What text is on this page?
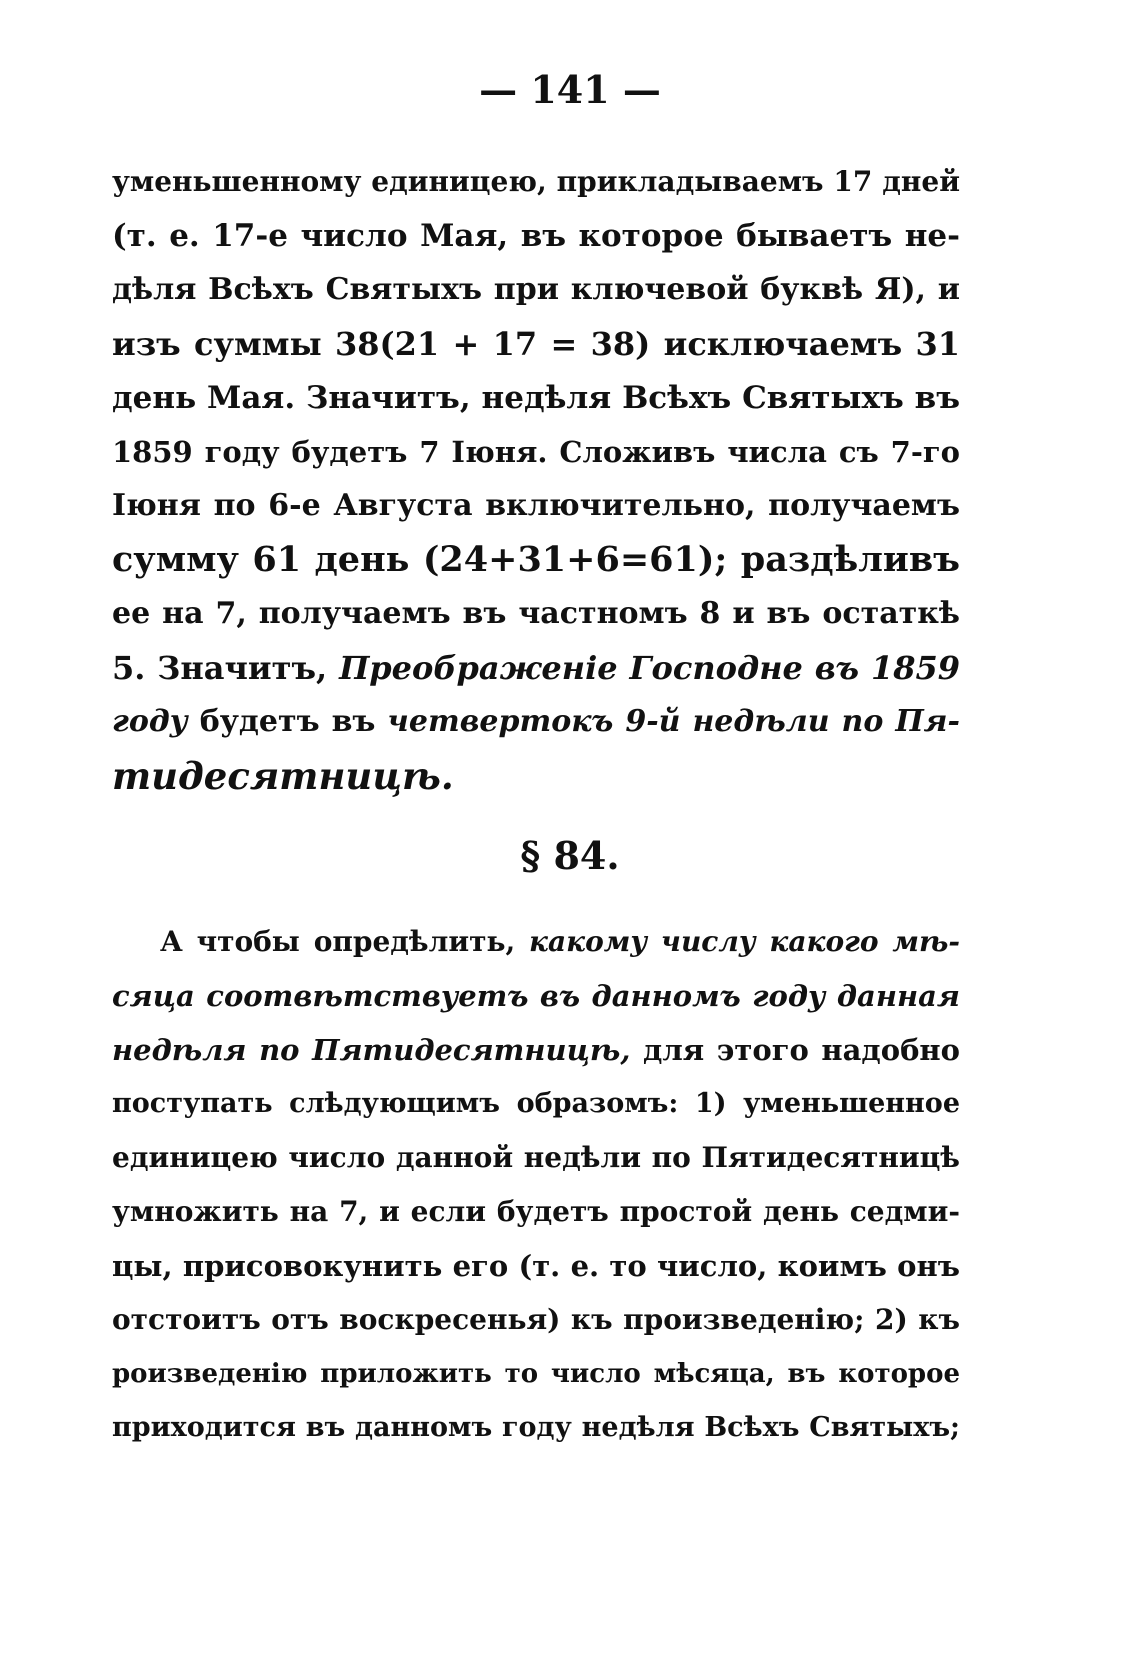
— 141 —
уменьшенному единицею, прикладываемъ 17 дней
(т. е. 17-е число Мая, въ которое бываетъ не-
дѣля Всѣхъ Святыхъ при ключевой буквѣ Я), и
изъ суммы 38(21 + 17 = 38) исключаемъ 31
день Мая. Значитъ, недѣля Всѣхъ Святыхъ въ
1859 году будетъ 7 Іюня. Сложивъ числа съ 7-го
Іюня по 6-е Августа включительно, получаемъ
сумму 61 день (24+31+6=61); раздѣливъ
ее на 7, получаемъ въ частномъ 8 и въ остаткѣ
5. Значитъ, Преображеніе Господне въ 1859
году будетъ въ четвертокъ 9-й недѣли по Пя-
тидесятницѣ.
§ 84.
А чтобы опредѣлить, какому числу какого мѣ-
сяца соотвѣтствуетъ въ данномъ году данная
недѣля по Пятидесятницѣ, для этого надобно
поступать слѣдующимъ образомъ: 1) уменьшенное
единицею число данной недѣли по Пятидесятницѣ
умножить на 7, и если будетъ простой день седми-
цы, присовокунить его (т. е. то число, коимъ онъ
отстоитъ отъ воскресенья) къ произведенію; 2) къ
роизведенію приложить то число мѣсяца, въ которое
приходится въ данномъ году недѣля Всѣхъ Святыхъ;
